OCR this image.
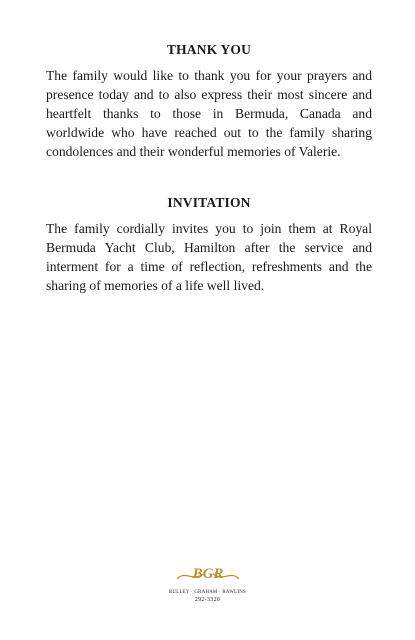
THANK YOU

The family would like to thank you for your prayers and presence today and to also express their most sincere and heartfelt thanks to those in Bermuda, Canada and worldwide who have reached out to the family sharing condolences and their wonderful memories of Valerie.

INVITATION

The family cordially invites you to join them at Royal Bermuda Yacht Club, Hamilton after the service and interment for a time of reflection, refreshments and the sharing of memories of a life well lived.

BGR
BULLEY · GRAHAM · RAWLINS
292-3320
